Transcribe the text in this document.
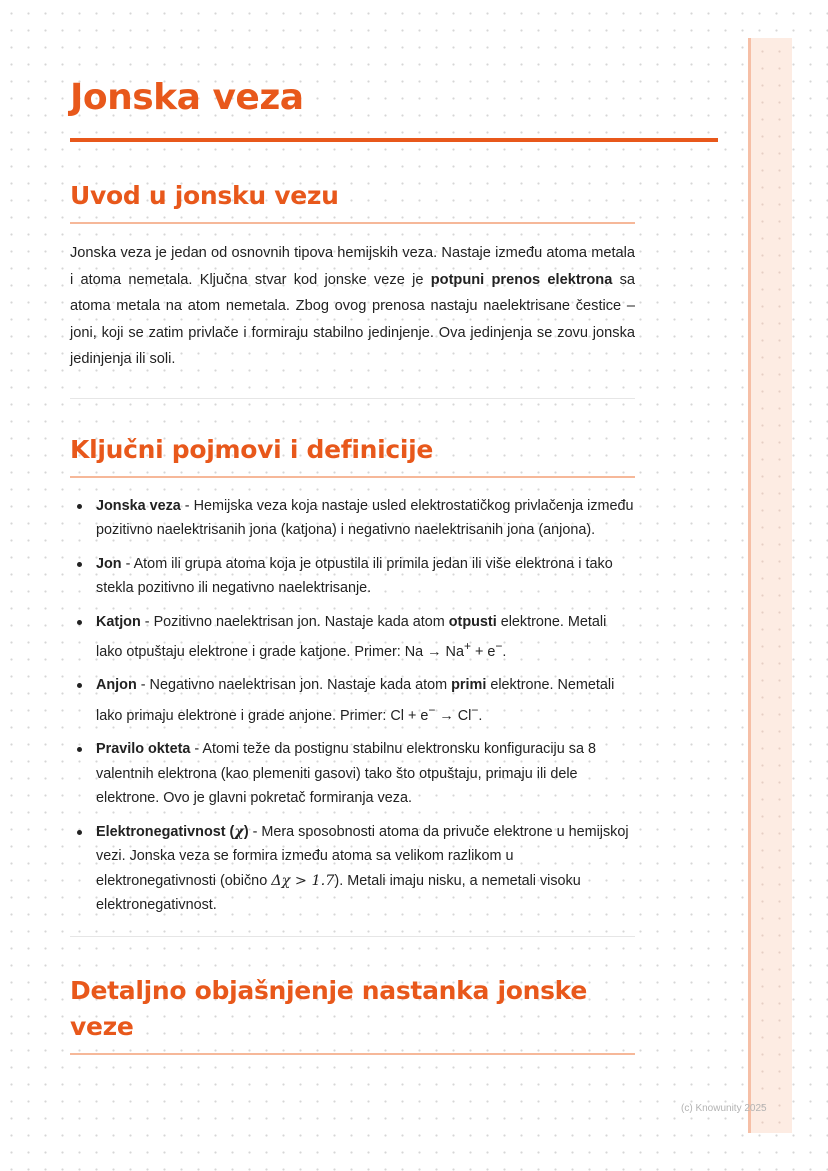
Jonska veza
Uvod u jonsku vezu

Jonska veza je jedan od osnovnih tipova hemijskih veza. Nastaje između atoma metala i atoma nemetala. Ključna stvar kod jonske veze je potpuni prenos elektrona sa atoma metala na atom nemetala. Zbog ovog prenosa nastaju naelektrisane čestice – joni, koji se zatim privlače i formiraju stabilno jedinjenje. Ova jedinjenja se zovu jonska jedinjenja ili soli.

Ključni pojmovi i definicije
Jonska veza - Hemijska veza koja nastaje usled elektrostatičkog privlačenja između pozitivno naelektrisanih jona (katjona) i negativno naelektrisanih jona (anjona).
Jon - Atom ili grupa atoma koja je otpustila ili primila jedan ili više elektrona i tako stekla pozitivno ili negativno naelektrisanje.
Katjon - Pozitivno naelektrisan jon. Nastaje kada atom otpusti elektrone. Metali lako otpuštaju elektrone i grade katjone. Primer: Na → Na+ + e−.
Anjon - Negativno naelektrisan jon. Nastaje kada atom primi elektrone. Nemetali lako primaju elektrone i grade anjone. Primer: Cl + e− → Cl−.
Pravilo okteta - Atomi teže da postignu stabilnu elektronsku konfiguraciju sa 8 valentnih elektrona (kao plemeniti gasovi) tako što otpuštaju, primaju ili dele elektrone. Ovo je glavni pokretač formiranja veza.
Elektronegativnost (χ) - Mera sposobnosti atoma da privuče elektrone u hemijskoj vezi. Jonska veza se formira između atoma sa velikom razlikom u elektronegativnosti (obično Δχ > 1.7). Metali imaju nisku, a nemetali visoku elektronegativnost.
Detaljno objašnjenje nastanka jonske veze
(c) Knowunity 2025
